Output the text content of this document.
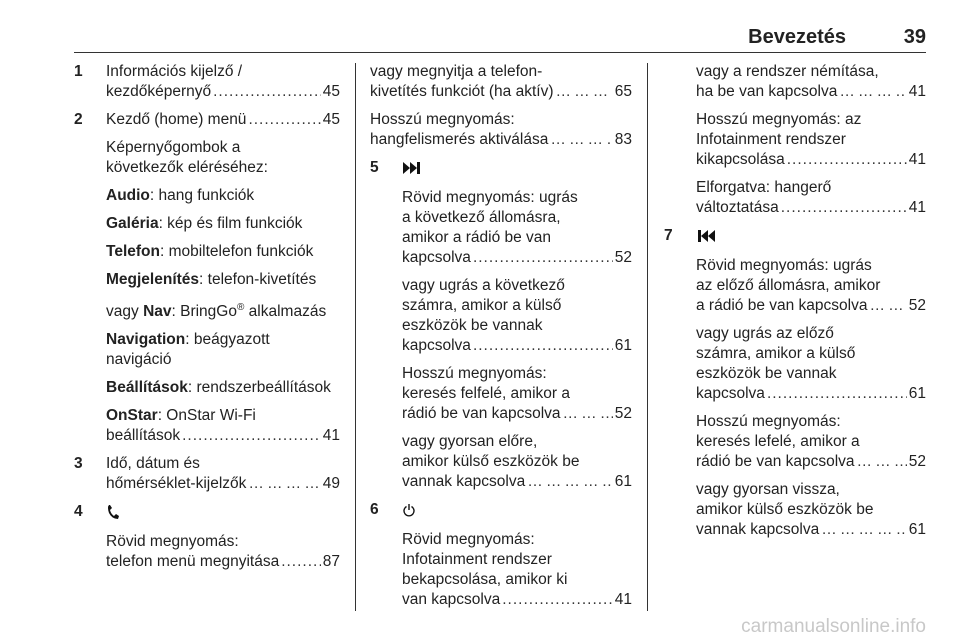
Bevezetés	39
1 Információs kijelző /
kezdőképernyő .....	45
2 Kezdő (home) menü .....	45
Képernyőgombok a
következők eléréséhez:
Audio: hang funkciók
Galéria: kép és film funkciók
Telefon: mobiltelefon funkciók
Megjelenítés: telefon-kivetítés
vagy Nav: BringGo® alkalmazás
Navigation: beágyazott
navigáció
Beállítások: rendszerbeállítások
OnStar: OnStar Wi-Fi
beállítások .....	41
3 Idő, dátum és
hőmérséklet-kijelzők … … … … … … … … … … … … … … … … … … … … … … …	49
4
Rövid megnyomás:
telefon menü megnyitása .....	87
vagy megnyitja a telefon-
kivetítés funkciót (ha aktív) … … … … … … … … … … … … … … … … … … … … … … …	65
Hosszú megnyomás:
hangfelismerés aktiválása … … … … … … … … … … … … … … … … … … … … … … …	83
5
Rövid megnyomás: ugrás
a következő állomásra,
amikor a rádió be van
kapcsolva .....	52
vagy ugrás a következő
számra, amikor a külső
eszközök be vannak
kapcsolva .....	61
Hosszú megnyomás:
keresés felfelé, amikor a
rádió be van kapcsolva … … … … … … … … … … … … … … … … … … … … … … …	52
vagy gyorsan előre,
amikor külső eszközök be
vannak kapcsolva … … … … … … … … … … … … … … … … … … … … … … …	61
6
Rövid megnyomás:
Infotainment rendszer
bekapcsolása, amikor ki
van kapcsolva .....	41
vagy a rendszer némítása,
ha be van kapcsolva … … … … … … … … … … … … … … … … … … … … … … …	41
Hosszú megnyomás: az
Infotainment rendszer
kikapcsolása .....	41
Elforgatva: hangerő
változtatása .....	41
7
Rövid megnyomás: ugrás
az előző állomásra, amikor
a rádió be van kapcsolva … … … … … … … … … … … … … … … … … … … … … … …	52
vagy ugrás az előző
számra, amikor a külső
eszközök be vannak
kapcsolva .....	61
Hosszú megnyomás:
keresés lefelé, amikor a
rádió be van kapcsolva … … … … … … … … … … … … … … … … … … … … … … …	52
vagy gyorsan vissza,
amikor külső eszközök be
vannak kapcsolva … … … … … … … … … … … … … … … … … … … … … … …	61
carmanualsonline.info
